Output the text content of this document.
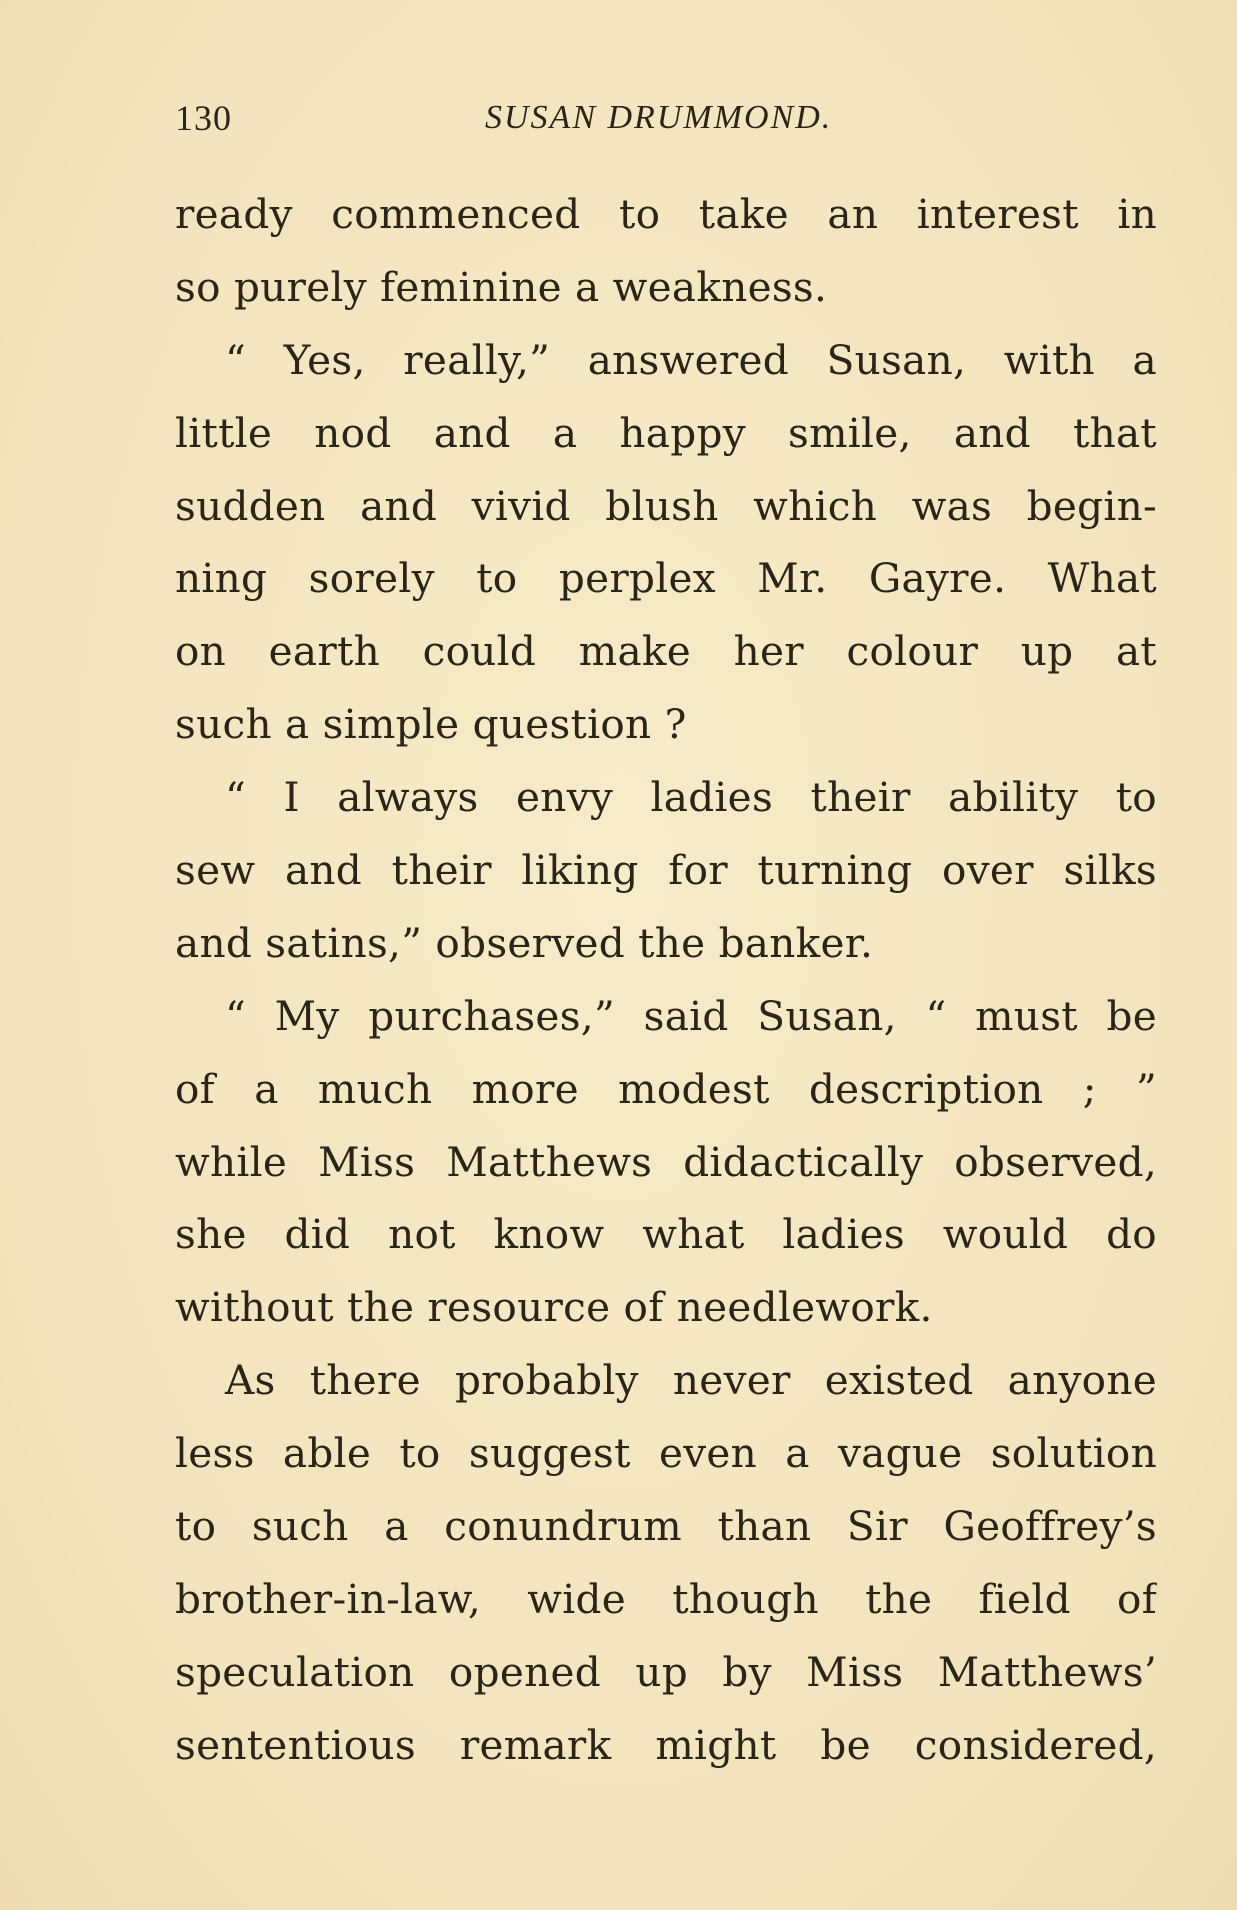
130	SUSAN DRUMMOND.
ready commenced to take an interest in
so purely feminine a weakness.
“ Yes, really,” answered Susan, with a
little nod and a happy smile, and that
sudden and vivid blush which was begin-
ning sorely to perplex Mr. Gayre. What
on earth could make her colour up at
such a simple question ?
“ I always envy ladies their ability to
sew and their liking for turning over silks
and satins,” observed the banker.
“ My purchases,” said Susan, “ must be
of a much more modest description ; ”
while Miss Matthews didactically observed,
she did not know what ladies would do
without the resource of needlework.
As there probably never existed anyone
less able to suggest even a vague solution
to such a conundrum than Sir Geoffrey’s
brother-in-law, wide though the field of
speculation opened up by Miss Matthews’
sententious remark might be considered,
